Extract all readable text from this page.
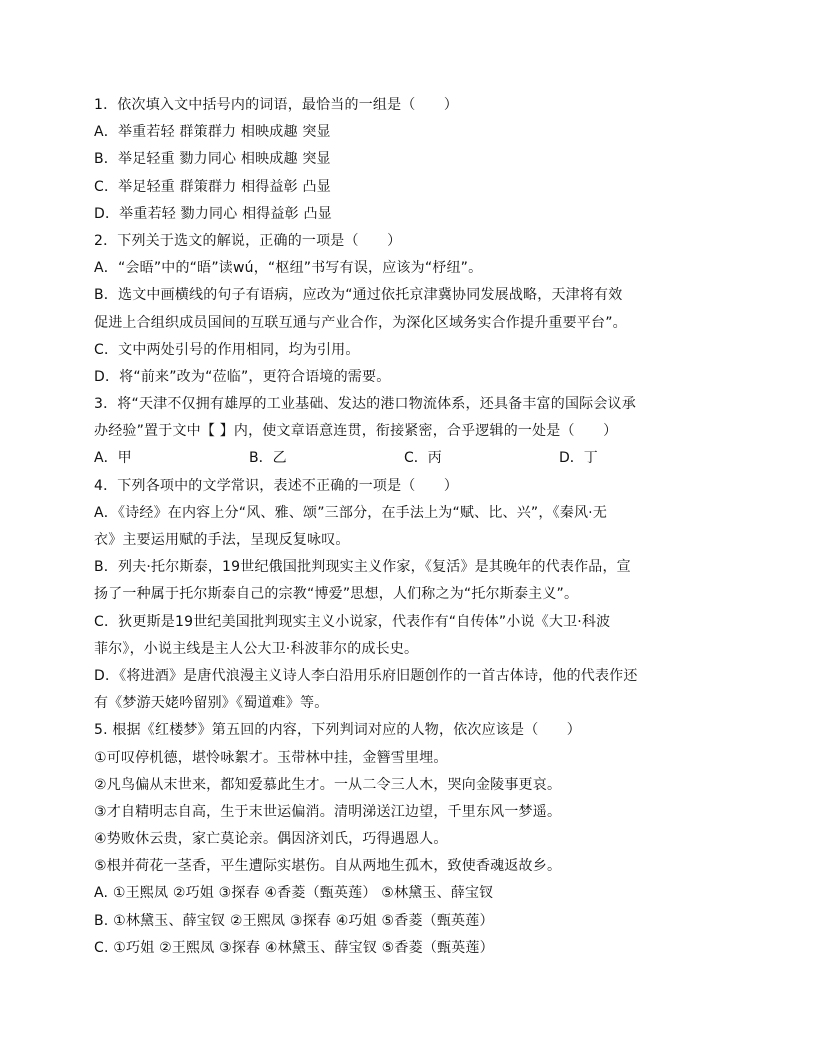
1．依次填入文中括号内的词语，最恰当的一组是（　　）
A．举重若轻 群策群力 相映成趣 突显
B．举足轻重 勠力同心 相映成趣 突显
C．举足轻重 群策群力 相得益彰 凸显
D．举重若轻 勠力同心 相得益彰 凸显
2．下列关于选文的解说，正确的一项是（　　）
A．“会晤”中的“晤”读wú，“枢纽”书写有误，应该为“杼纽”。
B．选文中画横线的句子有语病，应改为“通过依托京津冀协同发展战略，天津将有效
促进上合组织成员国间的互联互通与产业合作，为深化区域务实合作提升重要平台”。
C．文中两处引号的作用相同，均为引用。
D．将“前来”改为“莅临”，更符合语境的需要。
3．将“天津不仅拥有雄厚的工业基础、发达的港口物流体系，还具备丰富的国际会议承
办经验”置于文中【 】内，使文章语意连贯，衔接紧密，合乎逻辑的一处是（　　）
A．甲	B．乙	C．丙	D．丁
4．下列各项中的文学常识，表述不正确的一项是（　　）
A．《诗经》在内容上分“风、雅、颂”三部分，在手法上为“赋、比、兴”，《秦风·无
衣》主要运用赋的手法，呈现反复咏叹。
B．列夫·托尔斯泰，19世纪俄国批判现实主义作家，《复活》是其晚年的代表作品，宣
扬了一种属于托尔斯泰自己的宗教“博爱”思想，人们称之为“托尔斯泰主义”。
C．狄更斯是19世纪美国批判现实主义小说家，代表作有“自传体”小说《大卫·科波
菲尔》，小说主线是主人公大卫·科波菲尔的成长史。
D．《将进酒》是唐代浪漫主义诗人李白沿用乐府旧题创作的一首古体诗，他的代表作还
有《梦游天姥吟留别》《蜀道难》等。
5. 根据《红楼梦》第五回的内容，下列判词对应的人物，依次应该是（　　）
①可叹停机德，堪怜咏絮才。玉带林中挂，金簪雪里埋。
②凡鸟偏从末世来，都知爱慕此生才。一从二令三人木，哭向金陵事更哀。
③才自精明志自高，生于末世运偏消。清明涕送江边望，千里东风一梦遥。
④势败休云贵，家亡莫论亲。偶因济刘氏，巧得遇恩人。
⑤根并荷花一茎香，平生遭际实堪伤。自从两地生孤木，致使香魂返故乡。
A. ①王熙凤 ②巧姐 ③探春 ④香菱（甄英莲） ⑤林黛玉、薛宝钗
B. ①林黛玉、薛宝钗 ②王熙凤 ③探春 ④巧姐 ⑤香菱（甄英莲）
C. ①巧姐 ②王熙凤 ③探春 ④林黛玉、薛宝钗 ⑤香菱（甄英莲）
